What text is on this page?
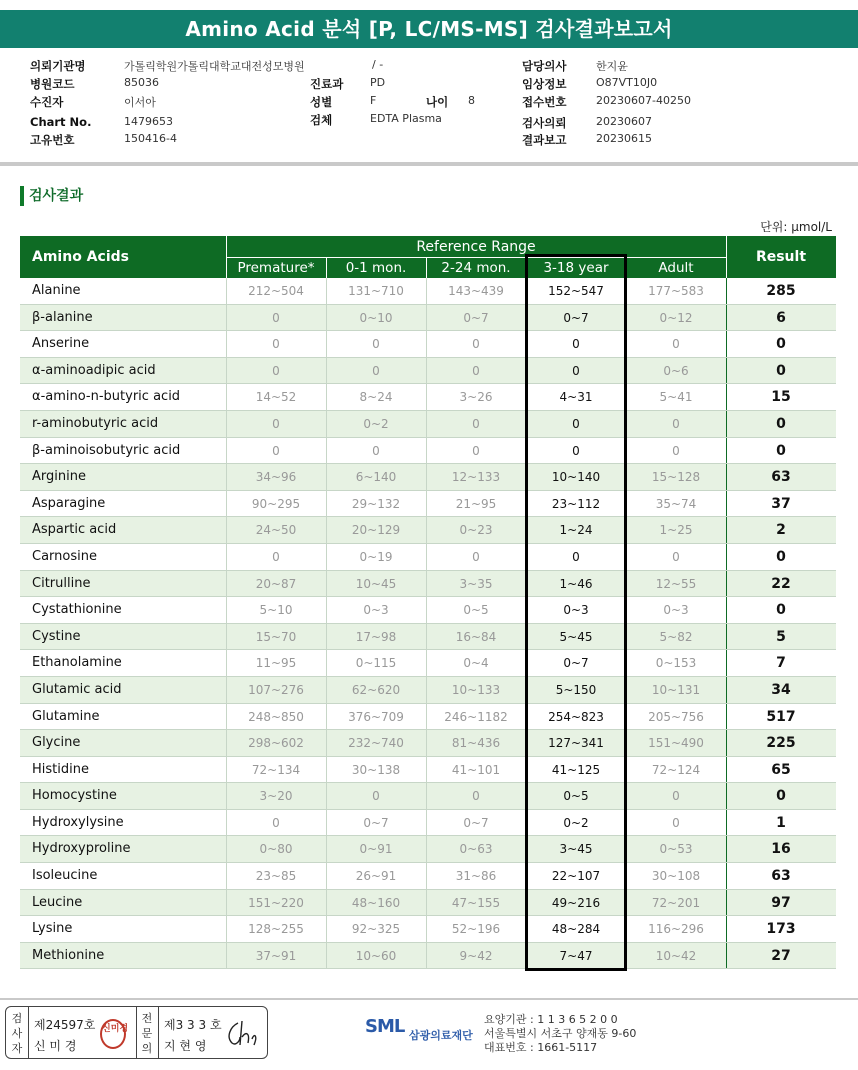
Amino Acid 분석 [P, LC/MS-MS] 검사결과보고서
의뢰기관명	가톨릭학원가톨릭대학교대전성모병원	/ -
병원코드	85036
수진자	이서아
Chart No.	1479653
고유번호	150416-4
진료과 PD
성별	F	나이 8
검체	EDTA Plasma
담당의사	한지윤
임상정보	O87VT10J0
접수번호	20230607-40250
검사의뢰	20230607
결과보고	20230615
검사결과
단위: μmol/L
Amino Acids
Reference Range
Premature*	0-1 mon.	2-24 mon.	3-18 year	Adult
Result
Alanine	212~504	131~710	143~439	152~547	177~583	285
β-alanine	0	0~10	0~7	0~7	0~12	6
Anserine	0	0	0	0	0	0
α-aminoadipic acid	0	0	0	0	0~6	0
α-amino-n-butyric acid	14~52	8~24	3~26	4~31	5~41	15
r-aminobutyric acid	0	0~2	0	0	0	0
β-aminoisobutyric acid	0	0	0	0	0	0
Arginine	34~96	6~140	12~133	10~140	15~128	63
Asparagine	90~295	29~132	21~95	23~112	35~74	37
Aspartic acid	24~50	20~129	0~23	1~24	1~25	2
Carnosine	0	0~19	0	0	0	0
Citrulline	20~87	10~45	3~35	1~46	12~55	22
Cystathionine	5~10	0~3	0~5	0~3	0~3	0
Cystine	15~70	17~98	16~84	5~45	5~82	5
Ethanolamine	11~95	0~115	0~4	0~7	0~153	7
Glutamic acid	107~276	62~620	10~133	5~150	10~131	34
Glutamine	248~850	376~709	246~1182	254~823	205~756	517
Glycine	298~602	232~740	81~436	127~341	151~490	225
Histidine	72~134	30~138	41~101	41~125	72~124	65
Homocystine	3~20	0	0	0~5	0	0
Hydroxylysine	0	0~7	0~7	0~2	0	1
Hydroxyproline	0~80	0~91	0~63	3~45	0~53	16
Isoleucine	23~85	26~91	31~86	22~107	30~108	63
Leucine	151~220	48~160	47~155	49~216	72~201	97
Lysine	128~255	92~325	52~196	48~284	116~296	173
Methionine	37~91	10~60	9~42	7~47	10~42	27
검사자
제24597호
신 미 경
신미경
전문의
제3 3 3 호
지 현 영
SML 삼광의료재단
요양기관 : 1 1 3 6 5 2 0 0
서울특별시 서초구 양재동 9-60
대표번호 : 1661-5117
